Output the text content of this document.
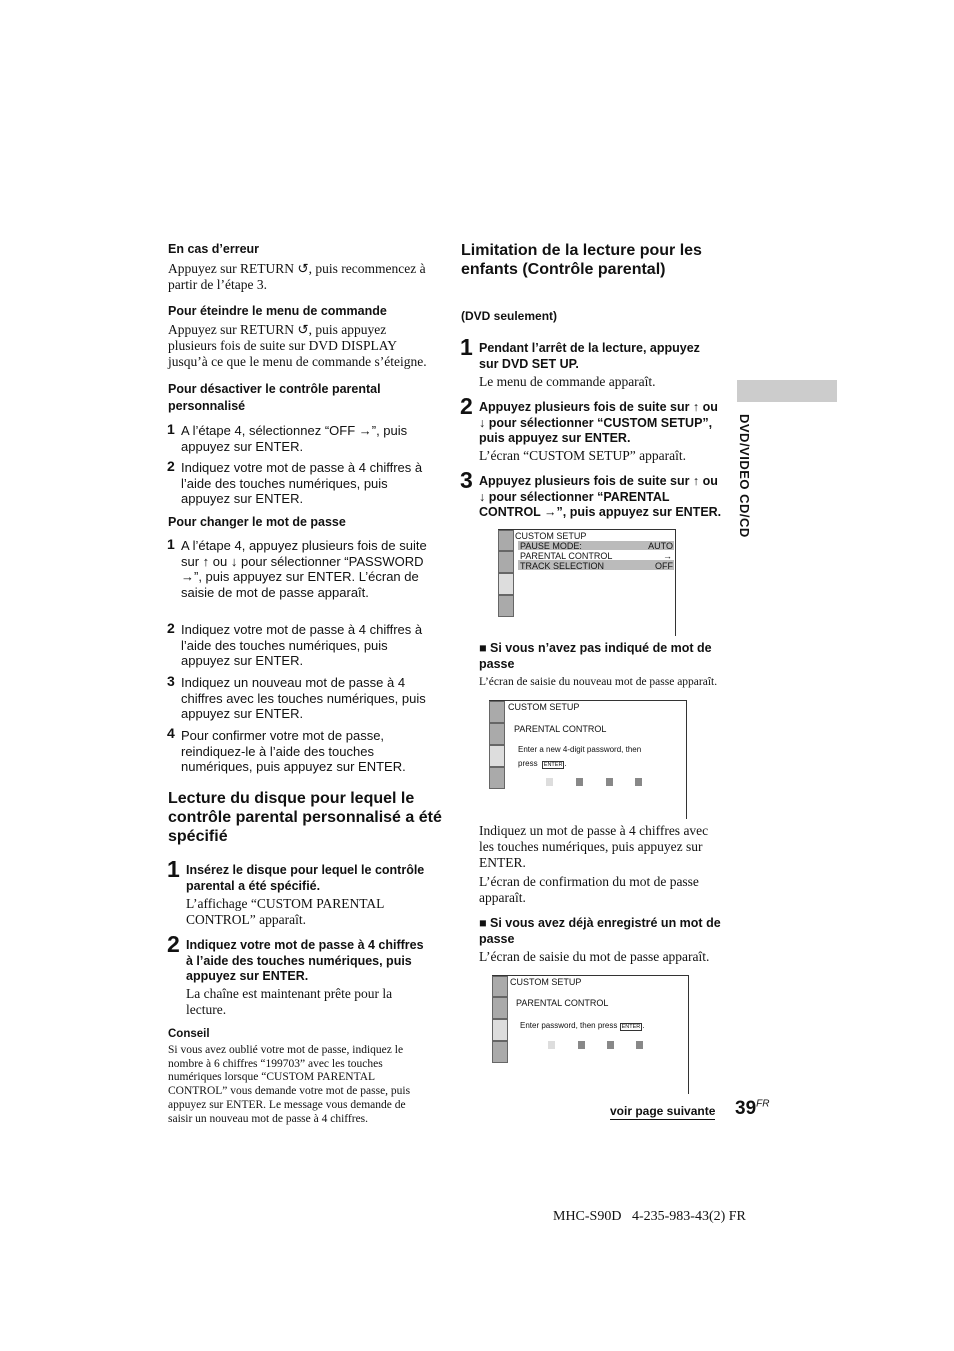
En cas d’erreur
Appuyez sur RETURN ↺, puis recommencez à partir de l’étape 3.
Pour éteindre le menu de commande
Appuyez sur RETURN ↺, puis appuyez plusieurs fois de suite sur DVD DISPLAY jusqu’à ce que le menu de commande s’éteigne.
Pour désactiver le contrôle parental personnalisé
1 A l’étape 4, sélectionnez “OFF →”, puis appuyez sur ENTER.
2 Indiquez votre mot de passe à 4 chiffres à l’aide des touches numériques, puis appuyez sur ENTER.
Pour changer le mot de passe
1 A l’étape 4, appuyez plusieurs fois de suite sur ↑ ou ↓ pour sélectionner “PASSWORD →”, puis appuyez sur ENTER. L’écran de saisie de mot de passe apparaît.
2 Indiquez votre mot de passe à 4 chiffres à l’aide des touches numériques, puis appuyez sur ENTER.
3 Indiquez un nouveau mot de passe à 4 chiffres avec les touches numériques, puis appuyez sur ENTER.
4 Pour confirmer votre mot de passe, reindiquez-le à l’aide des touches numériques, puis appuyez sur ENTER.
Lecture du disque pour lequel le contrôle parental personnalisé a été spécifié
1 Insérez le disque pour lequel le contrôle parental a été spécifié.
L’affichage “CUSTOM PARENTAL CONTROL” apparaît.
2 Indiquez votre mot de passe à 4 chiffres à l’aide des touches numériques, puis appuyez sur ENTER.
La chaîne est maintenant prête pour la lecture.
Conseil
Si vous avez oublié votre mot de passe, indiquez le nombre à 6 chiffres “199703” avec les touches numériques lorsque “CUSTOM PARENTAL CONTROL” vous demande votre mot de passe, puis appuyez sur ENTER. Le message vous demande de saisir un nouveau mot de passe à 4 chiffres.
Limitation de la lecture pour les enfants (Contrôle parental)
(DVD seulement)
1 Pendant l’arrêt de la lecture, appuyez sur DVD SET UP.
Le menu de commande apparaît.
2 Appuyez plusieurs fois de suite sur ↑ ou ↓ pour sélectionner “CUSTOM SETUP”, puis appuyez sur ENTER.
L’écran “CUSTOM SETUP” apparaît.
3 Appuyez plusieurs fois de suite sur ↑ ou ↓ pour sélectionner “PARENTAL CONTROL →”, puis appuyez sur ENTER.
CUSTOM SETUP
PAUSE MODE:	AUTO
PARENTAL CONTROL	→
TRACK SELECTION	OFF
■ Si vous n’avez pas indiqué de mot de passe
L’écran de saisie du nouveau mot de passe apparaît.
CUSTOM SETUP
PARENTAL CONTROL
Enter a new 4-digit password, then
press ENTER .
Indiquez un mot de passe à 4 chiffres avec les touches numériques, puis appuyez sur ENTER.
L’écran de confirmation du mot de passe apparaît.
■ Si vous avez déjà enregistré un mot de passe
L’écran de saisie du mot de passe apparaît.
CUSTOM SETUP
PARENTAL CONTROL
Enter password, then press ENTER .
DVD/VIDEO CD/CD
voir page suivante $39^{FR}$
MHC-S90D   4-235-983-43(2) FR
